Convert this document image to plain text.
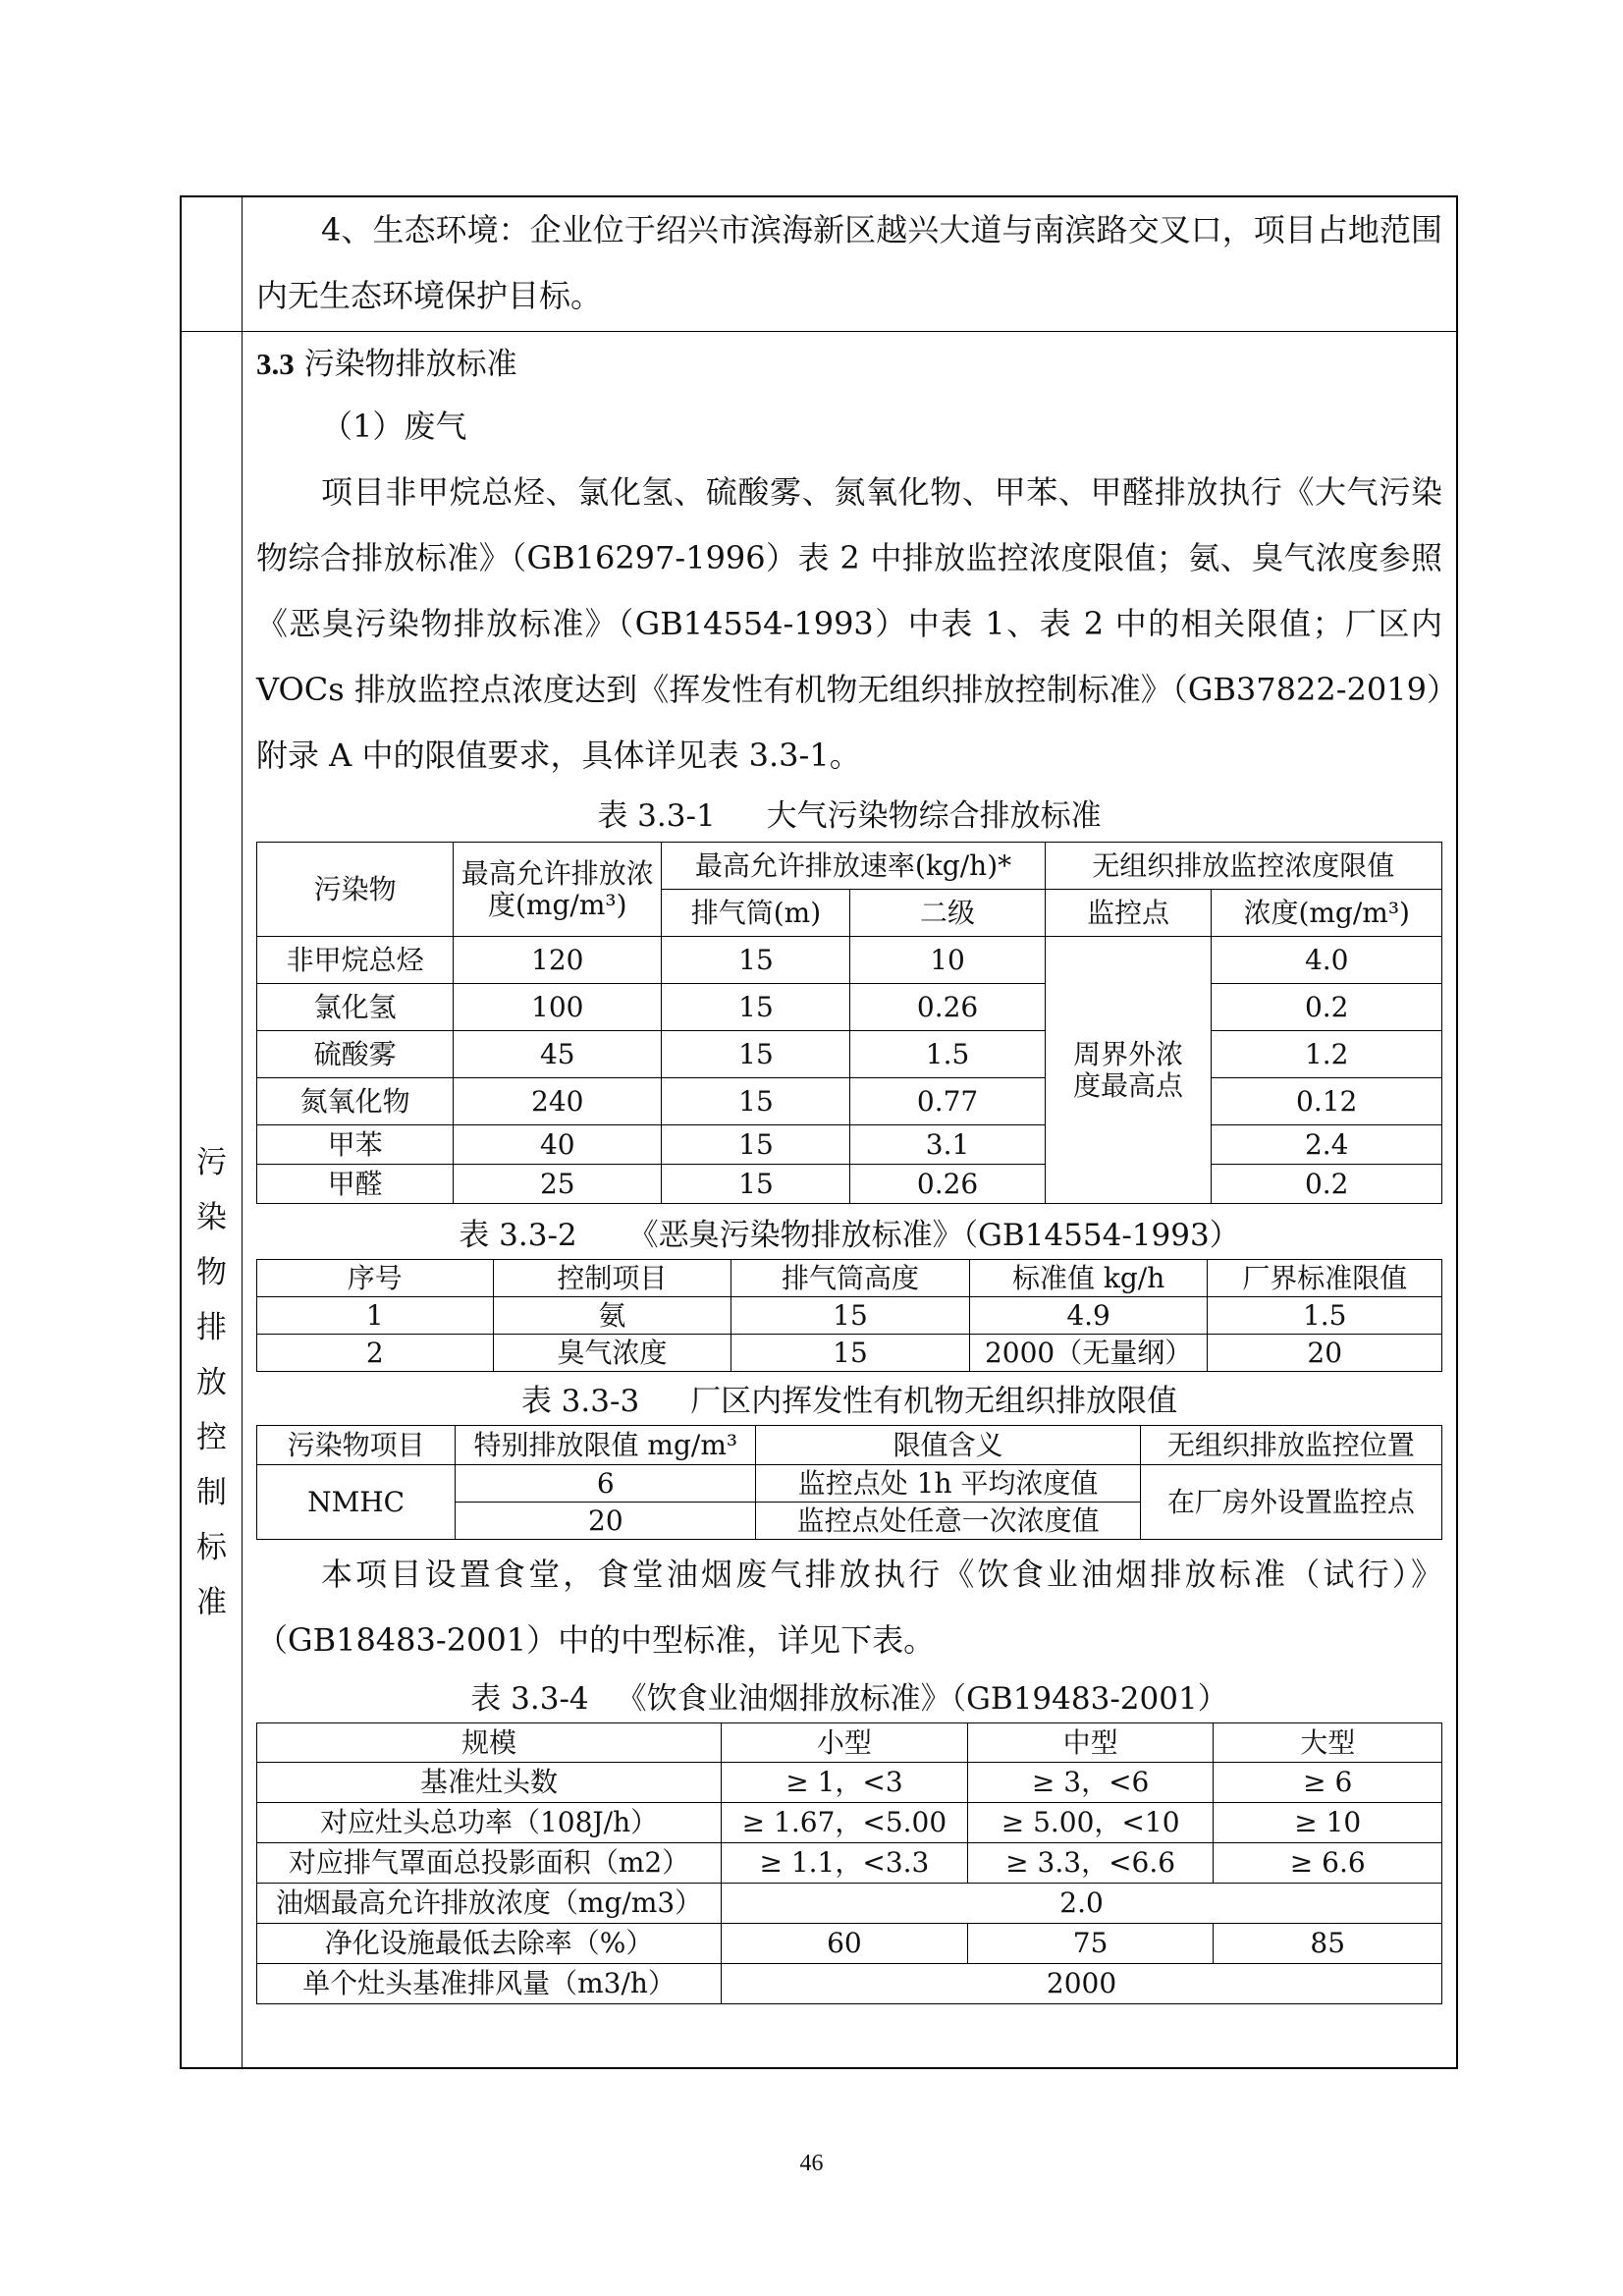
污
染
物
排
放
控
制
标
准

4、生态环境：企业位于绍兴市滨海新区越兴大道与南滨路交叉口，项目占地范围内无生态环境保护目标。

3.3 污染物排放标准

（1）废气

项目非甲烷总烃、氯化氢、硫酸雾、氮氧化物、甲苯、甲醛排放执行《大气污染物综合排放标准》（GB16297-1996）表 2 中排放监控浓度限值；氨、臭气浓度参照《恶臭污染物排放标准》（GB14554-1993）中表 1、表 2 中的相关限值；厂区内 VOCs 排放监控点浓度达到《挥发性有机物无组织排放控制标准》（GB37822-2019）附录 A 中的限值要求，具体详见表 3.3-1。

表 3.3-1 大气污染物综合排放标准

污染物	最高允许排放浓度(mg/m³)	最高允许排放速率(kg/h)*		无组织排放监控浓度限值	
		排气筒(m)	二级	监控点	浓度(mg/m³)
非甲烷总烃	120	15	10	周界外浓度最高点	4.0
氯化氢	100	15	0.26		0.2
硫酸雾	45	15	1.5		1.2
氮氧化物	240	15	0.77		0.12
甲苯	40	15	3.1		2.4
甲醛	25	15	0.26		0.2

表 3.3-2 《恶臭污染物排放标准》（GB14554-1993）

序号	控制项目	排气筒高度	标准值 kg/h	厂界标准限值
1	氨	15	4.9	1.5
2	臭气浓度	15	2000（无量纲）	20

表 3.3-3 厂区内挥发性有机物无组织排放限值

污染物项目	特别排放限值 mg/m³	限值含义	无组织排放监控位置
NMHC	6	监控点处 1h 平均浓度值	在厂房外设置监控点
	20	监控点处任意一次浓度值	

本项目设置食堂，食堂油烟废气排放执行《饮食业油烟排放标准（试行）》（GB18483-2001）中的中型标准，详见下表。

表 3.3-4 《饮食业油烟排放标准》（GB19483-2001）

规模	小型	中型	大型
基准灶头数	≥ 1，<3	≥ 3，<6	≥ 6
对应灶头总功率（108J/h）	≥ 1.67，<5.00	≥ 5.00，<10	≥ 10
对应排气罩面总投影面积（m2）	≥ 1.1，<3.3	≥ 3.3，<6.6	≥ 6.6
油烟最高允许排放浓度（mg/m3）	2.0		
净化设施最低去除率（%）	60	75	85
单个灶头基准排风量（m3/h）	2000		
46
